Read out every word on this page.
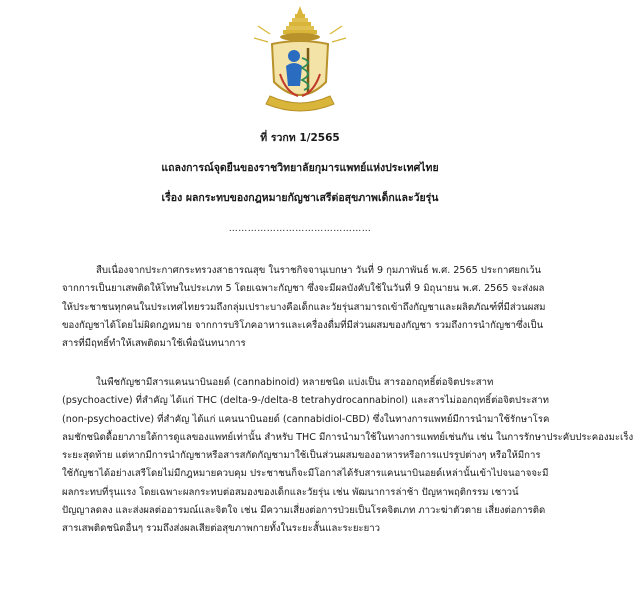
ที่ รวกท 1/2565
แถลงการณ์จุดยืนของราชวิทยาลัยกุมารแพทย์แห่งประเทศไทย
เรื่อง ผลกระทบของกฎหมายกัญชาเสรีต่อสุขภาพเด็กและวัยรุ่น
………………………………………
สืบเนื่องจากประกาศกระทรวงสาธารณสุข ในราชกิจจานุเบกษา วันที่ 9 กุมภาพันธ์ พ.ศ. 2565 ประกาศยกเว้น
จากการเป็นยาเสพติดให้โทษในประเภท 5 โดยเฉพาะกัญชา ซึ่งจะมีผลบังคับใช้ในวันที่ 9 มิถุนายน พ.ศ. 2565 จะส่งผล
ให้ประชาชนทุกคนในประเทศไทยรวมถึงกลุ่มเปราะบางคือเด็กและวัยรุ่นสามารถเข้าถึงกัญชาและผลิตภัณฑ์ที่มีส่วนผสม
ของกัญชาได้โดยไม่ผิดกฎหมาย จากการบริโภคอาหารและเครื่องดื่มที่มีส่วนผสมของกัญชา รวมถึงการนำกัญชาซึ่งเป็น
สารที่มีฤทธิ์ทำให้เสพติดมาใช้เพื่อนันทนาการ
ในพืชกัญชามีสารแคนนาบินอยด์ (cannabinoid) หลายชนิด แบ่งเป็น สารออกฤทธิ์ต่อจิตประสาท
(psychoactive) ที่สำคัญ ได้แก่ THC (delta-9-/delta-8 tetrahydrocannabinol) และสารไม่ออกฤทธิ์ต่อจิตประสาท
(non-psychoactive) ที่สำคัญ ได้แก่ แคนนาบินอยด์ (cannabidiol-CBD) ซึ่งในทางการแพทย์มีการนำมาใช้รักษาโรค
ลมชักชนิดดื้อยาภายใต้การดูแลของแพทย์เท่านั้น สำหรับ THC มีการนำมาใช้ในทางการแพทย์เช่นกัน เช่น ในการรักษาประคับประคองมะเร็ง
ระยะสุดท้าย แต่หากมีการนำกัญชาหรือสารสกัดกัญชามาใช้เป็นส่วนผสมของอาหารหรือการแปรรูปต่างๆ หรือให้มีการ
ใช้กัญชาได้อย่างเสรีโดยไม่มีกฎหมายควบคุม ประชาชนก็จะมีโอกาสได้รับสารแคนนาบินอยด์เหล่านั้นเข้าไปจนอาจจะมี
ผลกระทบที่รุนแรง โดยเฉพาะผลกระทบต่อสมองของเด็กและวัยรุ่น เช่น พัฒนาการล่าช้า ปัญหาพฤติกรรม เชาวน์
ปัญญาลดลง และส่งผลต่ออารมณ์และจิตใจ เช่น มีความเสี่ยงต่อการป่วยเป็นโรคจิตเภท ภาวะฆ่าตัวตาย เสี่ยงต่อการติด
สารเสพติดชนิดอื่นๆ รวมถึงส่งผลเสียต่อสุขภาพกายทั้งในระยะสั้นและระยะยาว
